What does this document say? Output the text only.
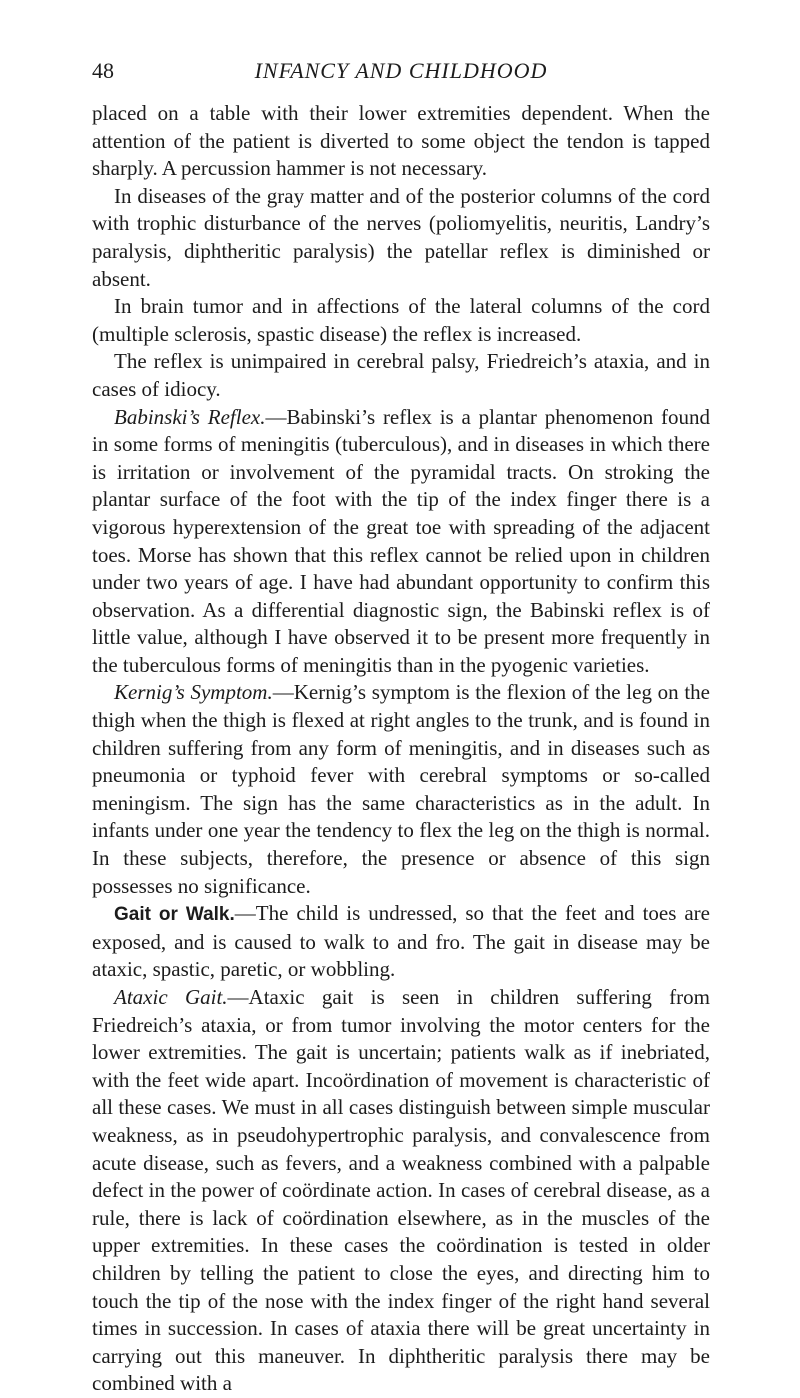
48	INFANCY AND CHILDHOOD

placed on a table with their lower extremities dependent. When the attention of the patient is diverted to some object the tendon is tapped sharply. A percussion hammer is not necessary.

In diseases of the gray matter and of the posterior columns of the cord with trophic disturbance of the nerves (poliomyelitis, neuritis, Landry’s paralysis, diphtheritic paralysis) the patellar reflex is diminished or absent.

In brain tumor and in affections of the lateral columns of the cord (multiple sclerosis, spastic disease) the reflex is increased.

The reflex is unimpaired in cerebral palsy, Friedreich’s ataxia, and in cases of idiocy.

Babinski’s Reflex.—Babinski’s reflex is a plantar phenomenon found in some forms of meningitis (tuberculous), and in diseases in which there is irritation or involvement of the pyramidal tracts. On stroking the plantar surface of the foot with the tip of the index finger there is a vigorous hyperextension of the great toe with spreading of the adjacent toes. Morse has shown that this reflex cannot be relied upon in children under two years of age. I have had abundant opportunity to confirm this observation. As a differential diagnostic sign, the Babinski reflex is of little value, although I have observed it to be present more frequently in the tuberculous forms of meningitis than in the pyogenic varieties.

Kernig’s Symptom.—Kernig’s symptom is the flexion of the leg on the thigh when the thigh is flexed at right angles to the trunk, and is found in children suffering from any form of meningitis, and in diseases such as pneumonia or typhoid fever with cerebral symptoms or so-called meningism. The sign has the same characteristics as in the adult. In infants under one year the tendency to flex the leg on the thigh is normal. In these subjects, therefore, the presence or absence of this sign possesses no significance.

Gait or Walk.—The child is undressed, so that the feet and toes are exposed, and is caused to walk to and fro. The gait in disease may be ataxic, spastic, paretic, or wobbling.

Ataxic Gait.—Ataxic gait is seen in children suffering from Friedreich’s ataxia, or from tumor involving the motor centers for the lower extremities. The gait is uncertain; patients walk as if inebriated, with the feet wide apart. Incoördination of movement is characteristic of all these cases. We must in all cases distinguish between simple muscular weakness, as in pseudohypertrophic paralysis, and convalescence from acute disease, such as fevers, and a weakness combined with a palpable defect in the power of coördinate action. In cases of cerebral disease, as a rule, there is lack of coördination elsewhere, as in the muscles of the upper extremities. In these cases the coördination is tested in older children by telling the patient to close the eyes, and directing him to touch the tip of the nose with the index finger of the right hand several times in succession. In cases of ataxia there will be great uncertainty in carrying out this maneuver. In diphtheritic paralysis there may be combined with a
